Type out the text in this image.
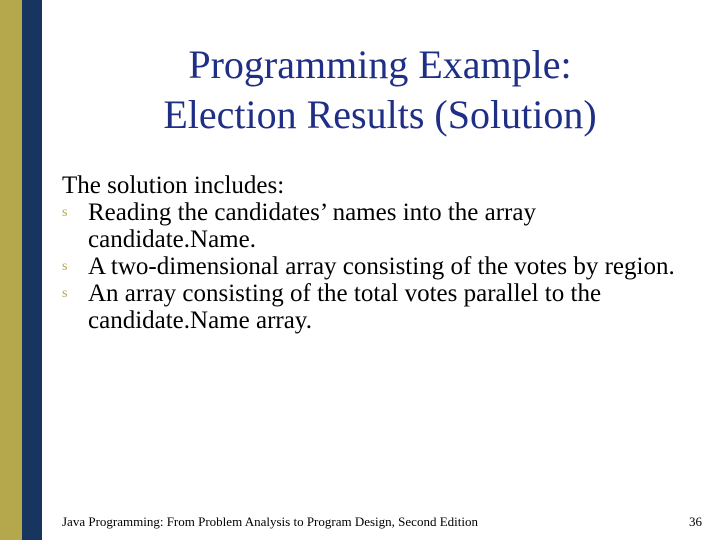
Programming Example:
Election Results (Solution)

The solution includes:

s Reading the candidates’ names into the array candidate.Name.
s A two-dimensional array consisting of the votes by region.
s An array consisting of the total votes parallel to the candidate.Name array.
Java Programming: From Problem Analysis to Program Design, Second Edition	36
